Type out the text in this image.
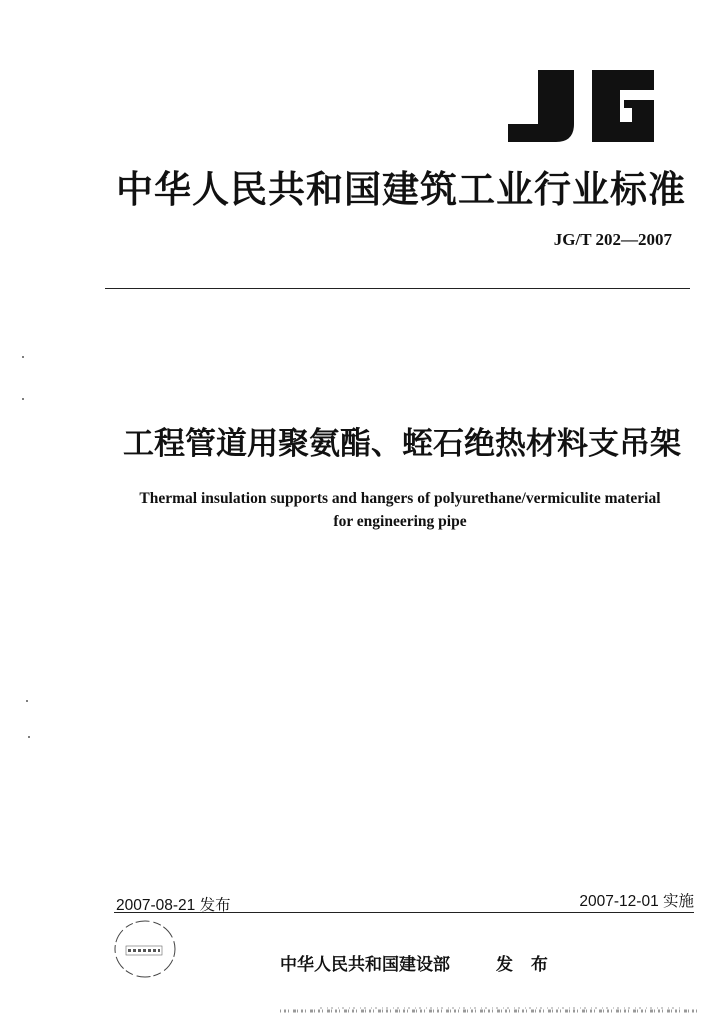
中华人民共和国建筑工业行业标准
JG/T 202—2007
工程管道用聚氨酯、蛭石绝热材料支吊架
Thermal insulation supports and hangers of polyurethane/vermiculite material
for engineering pipe
2007-08-21 发布	2007-12-01 实施
中华人民共和国建设部	发 布
